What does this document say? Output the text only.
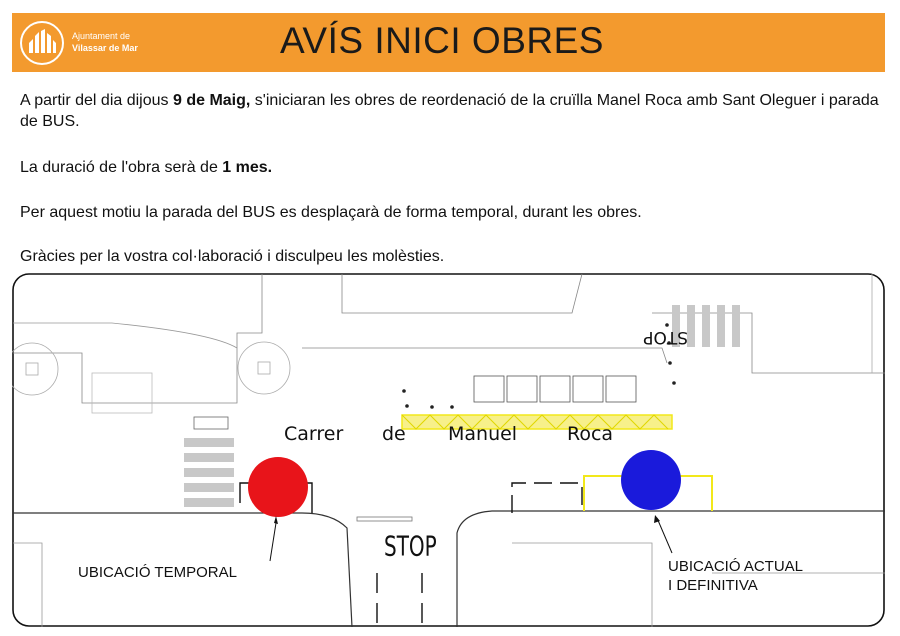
Ajuntament de
Vilassar de Mar	AVÍS INICI OBRES
A partir del dia dijous 9 de Maig, s'iniciaran les obres de reordenació de la cruïlla Manel Roca amb Sant Oleguer i parada de BUS.
La duració de l'obra serà de 1 mes.
Per aquest motiu la parada del BUS es desplaçarà de forma temporal, durant les obres.
Gràcies per la vostra col·laboració i disculpeu les molèsties.
Carrer de Manuel	Roca
STOP
STOP
UBICACIÓ TEMPORAL	UBICACIÓ ACTUAL
I DEFINITIVA
